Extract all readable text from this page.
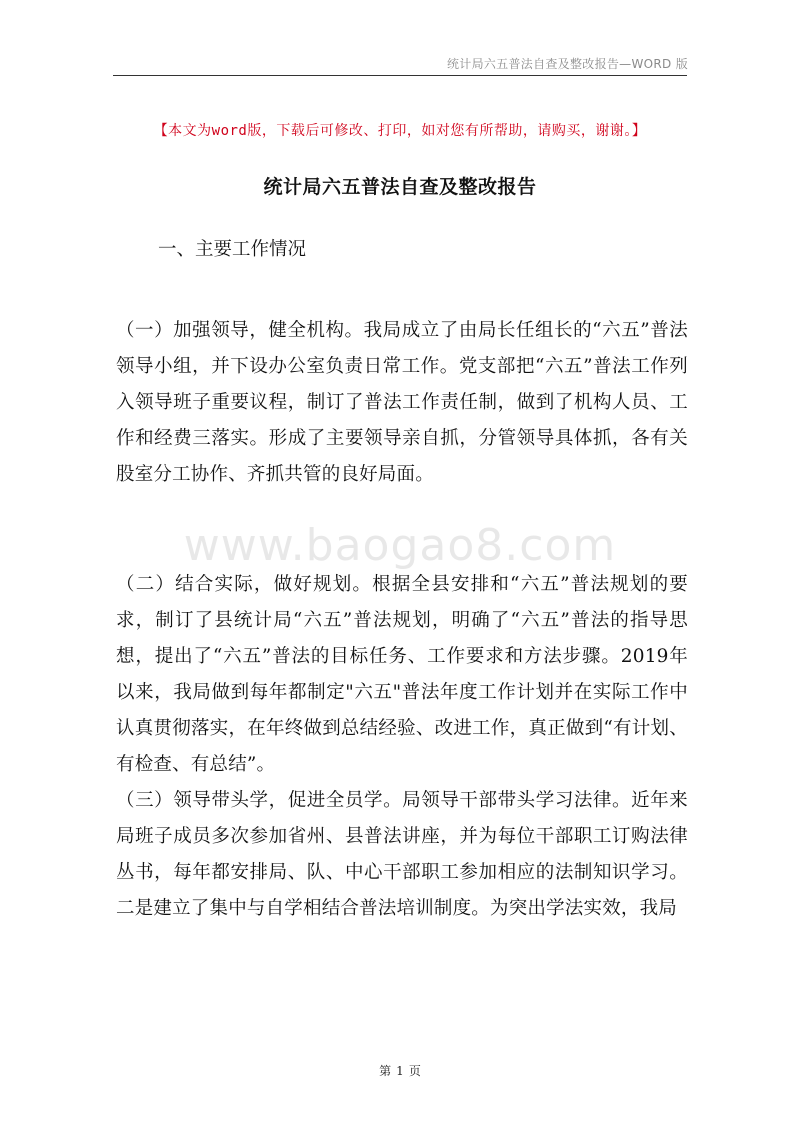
统计局六五普法自查及整改报告—WORD 版
【本文为word版，下载后可修改、打印，如对您有所帮助，请购买，谢谢。】
统计局六五普法自查及整改报告
一、主要工作情况
（一）加强领导，健全机构。我局成立了由局长任组长的“六五”普法领导小组，并下设办公室负责日常工作。党支部把“六五”普法工作列入领导班子重要议程，制订了普法工作责任制，做到了机构人员、工作和经费三落实。形成了主要领导亲自抓，分管领导具体抓，各有关股室分工协作、齐抓共管的良好局面。
www.baogao8.com
（二）结合实际，做好规划。根据全县安排和“六五”普法规划的要求，制订了县统计局“六五”普法规划，明确了“六五”普法的指导思想，提出了“六五”普法的目标任务、工作要求和方法步骤。2019年以来，我局做到每年都制定"六五"普法年度工作计划并在实际工作中认真贯彻落实，在年终做到总结经验、改进工作，真正做到“有计划、有检查、有总结”。
（三）领导带头学，促进全员学。局领导干部带头学习法律。近年来局班子成员多次参加省州、县普法讲座，并为每位干部职工订购法律丛书，每年都安排局、队、中心干部职工参加相应的法制知识学习。二是建立了集中与自学相结合普法培训制度。为突出学法实效，我局
第 1 页
